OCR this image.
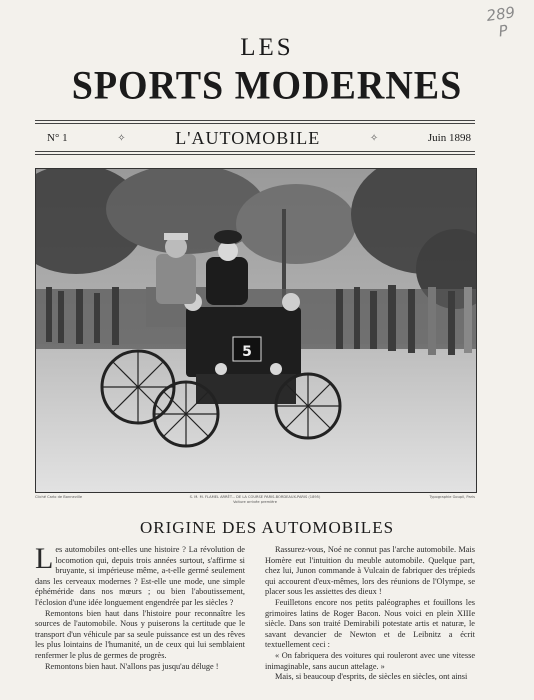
289
P
LES
SPORTS MODERNES
N° 1	✧	L'AUTOMOBILE	✧	Juin 1898
5
Cliché Carlo de Bonneville	S. M. M. FLAMEL ARRÊT... DE LA COURSE PARIS-BORDEAUX-PARIS (1895)
Voiture arrivée première
Typographie Goupil, Paris
ORIGINE DES AUTOMOBILES

Les automobiles ont-elles une histoire ? La révolution de locomotion qui, depuis trois années surtout, s'affirme si bruyante, si impérieuse même, a-t-elle germé seulement dans les cerveaux modernes ? Est-elle une mode, une simple éphéméride dans nos mœurs ; ou bien l'aboutissement, l'éclosion d'une idée longuement engendrée par les siècles ?

Remontons bien haut dans l'histoire pour reconnaître les sources de l'automobile. Nous y puiserons la certitude que le transport d'un véhicule par sa seule puissance est un des rêves les plus lointains de l'humanité, un de ceux qui lui semblaient renfermer le plus de germes de progrès.

Remontons bien haut. N'allons pas jusqu'au déluge !

Rassurez-vous, Noé ne connut pas l'arche automobile. Mais Homère eut l'intuition du meuble automobile. Quelque part, chez lui, Junon commande à Vulcain de fabriquer des trépieds qui accourent d'eux-mêmes, lors des réunions de l'Olympe, se placer sous les assiettes des dieux !

Feuilletons encore nos petits paléographes et fouillons les grimoires latins de Roger Bacon. Nous voici en plein XIIIe siècle. Dans son traité Demirabili potestate artis et naturæ, le savant devancier de Newton et de Leibnitz a écrit textuellement ceci :

« On fabriquera des voitures qui rouleront avec une vitesse inimaginable, sans aucun attelage. »

Mais, si beaucoup d'esprits, de siècles en siècles, ont ainsi
